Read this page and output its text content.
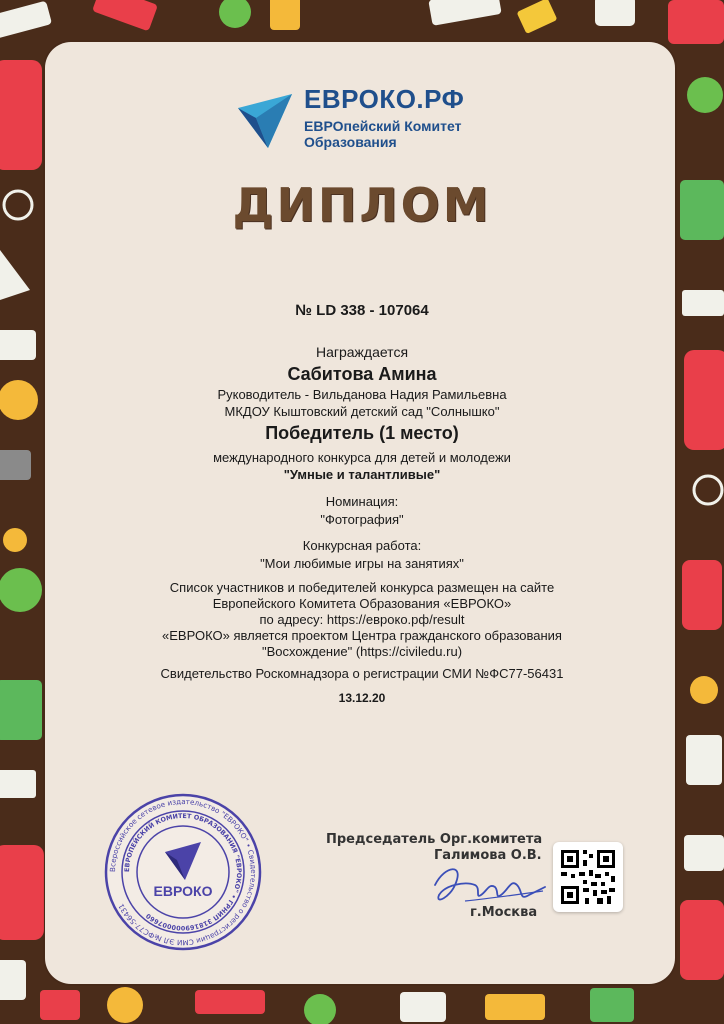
ЕВРОКО.РФ
ЕВРОпейский Комитет
Образования
ДИПЛОМ
№ LD 338 - 107064
Награждается
Сабитова Амина
Руководитель - Вильданова Надия Рамильевна
МКДОУ Кыштовский детский сад "Солнышко"
Победитель (1 место)
международного конкурса для детей и молодежи
"Умные и талантливые"
Номинация:
"Фотография"
Конкурсная работа:
"Мои любимые игры на занятиях"
Список участников и победителей конкурса размещен на сайте
Европейского Комитета Образования «ЕВРОКО»
по адресу: https://евроко.рф/result
«ЕВРОКО» является проектом Центра гражданского образования
"Восхождение" (https://civiledu.ru)
Свидетельство Роскомнадзора о регистрации СМИ №ФС77-56431
13.12.20
Всероссийское сетевое издательство "ЕВРОКО" • Свидетельство о регистрации СМИ ЭЛ №ФС77-56431
ЕВРОПЕЙСКИЙ КОМИТЕТ ОБРАЗОВАНИЯ "ЕВРОКО" • ГРНИП 318169000007660
ЕВРОКО
Председатель Орг.комитета
Галимова О.В.
г.Москва
